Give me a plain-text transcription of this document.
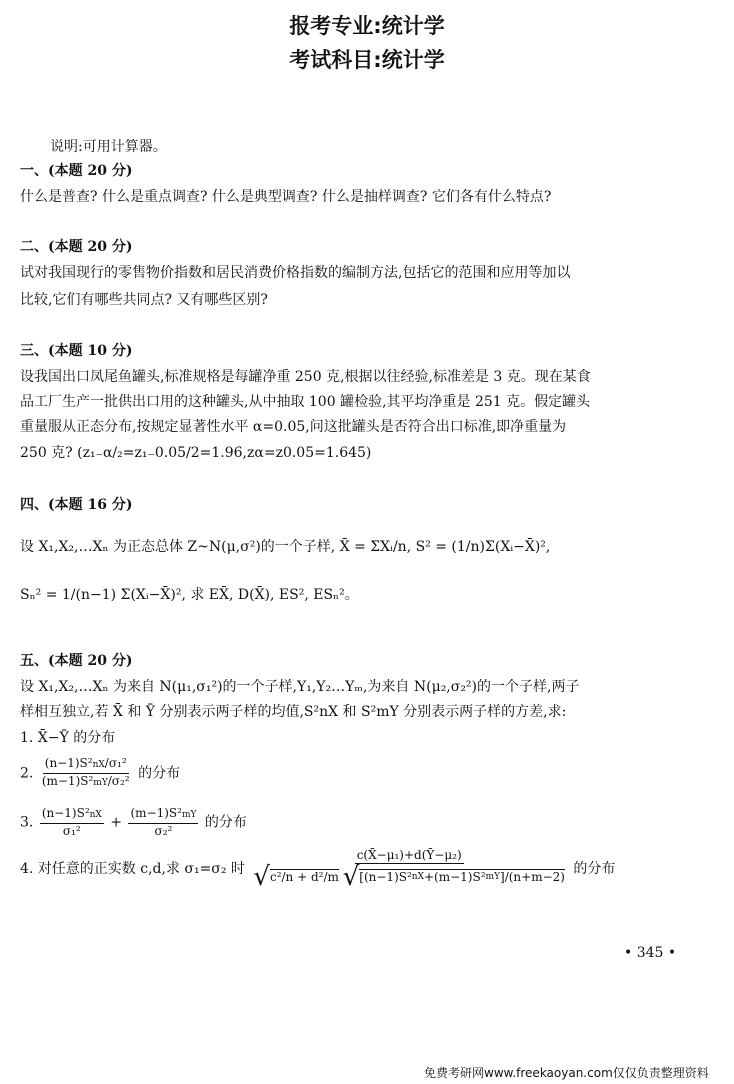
报考专业:统计学
考试科目:统计学
说明:可用计算器。
一、(本题 20 分)
什么是普查? 什么是重点调查? 什么是典型调查? 什么是抽样调查? 它们各有什么特点?
二、(本题 20 分)
试对我国现行的零售物价指数和居民消费价格指数的编制方法,包括它的范围和应用等加以
比较,它们有哪些共同点? 又有哪些区别?
三、(本题 10 分)
设我国出口凤尾鱼罐头,标准规格是每罐净重 250 克,根据以往经验,标准差是 3 克。现在某食
品工厂生产一批供出口用的这种罐头,从中抽取 100 罐检验,其平均净重是 251 克。假定罐头
重量服从正态分布,按规定显著性水平 α=0.05,问这批罐头是否符合出口标准,即净重量为
250 克? (z₁₋α/₂=z₁₋0.05/2=1.96,zα=z0.05=1.645)
四、(本题 16 分)
设 X₁,X₂,…Xₙ 为正态总体 Z~N(μ,σ²)的一个子样, X̄ = ΣXᵢ/n, S² = (1/n)Σ(Xᵢ−X̄)²,
Sₙ² = 1/(n−1) Σ(Xᵢ−X̄)², 求 EX̄, D(X̄), ES², ESₙ²。
五、(本题 20 分)
设 X₁,X₂,…Xₙ 为来自 N(μ₁,σ₁²)的一个子样,Y₁,Y₂…Yₘ,为来自 N(μ₂,σ₂²)的一个子样,两子
样相互独立,若 X̄ 和 Ȳ 分别表示两子样的均值,S²nX 和 S²mY 分别表示两子样的方差,求:
1. X̄−Ȳ 的分布
2. $\frac{\text{(n−1)S²nX/σ₁²}}{\text{(m−1)S²mY/σ₂²}}$ 的分布
3. $\frac{\text{(n−1)S²nX}}{\text{σ₁²}} + \frac{\text{(m−1)S²mY}}{\text{σ₂²}}$ 的分布
4. 对任意的正实数 c,d,求 σ₁=σ₂ 时 c(X̄−μ₁)+d(Ȳ−μ₂)
√ c²/n + d²/m
√ [(n−1)S² nX +(m−1)S² mY ]/(n+m−2) 的分布
• 345 •
免费考研网www.freekaoyan.com仅仅负责整理资料
